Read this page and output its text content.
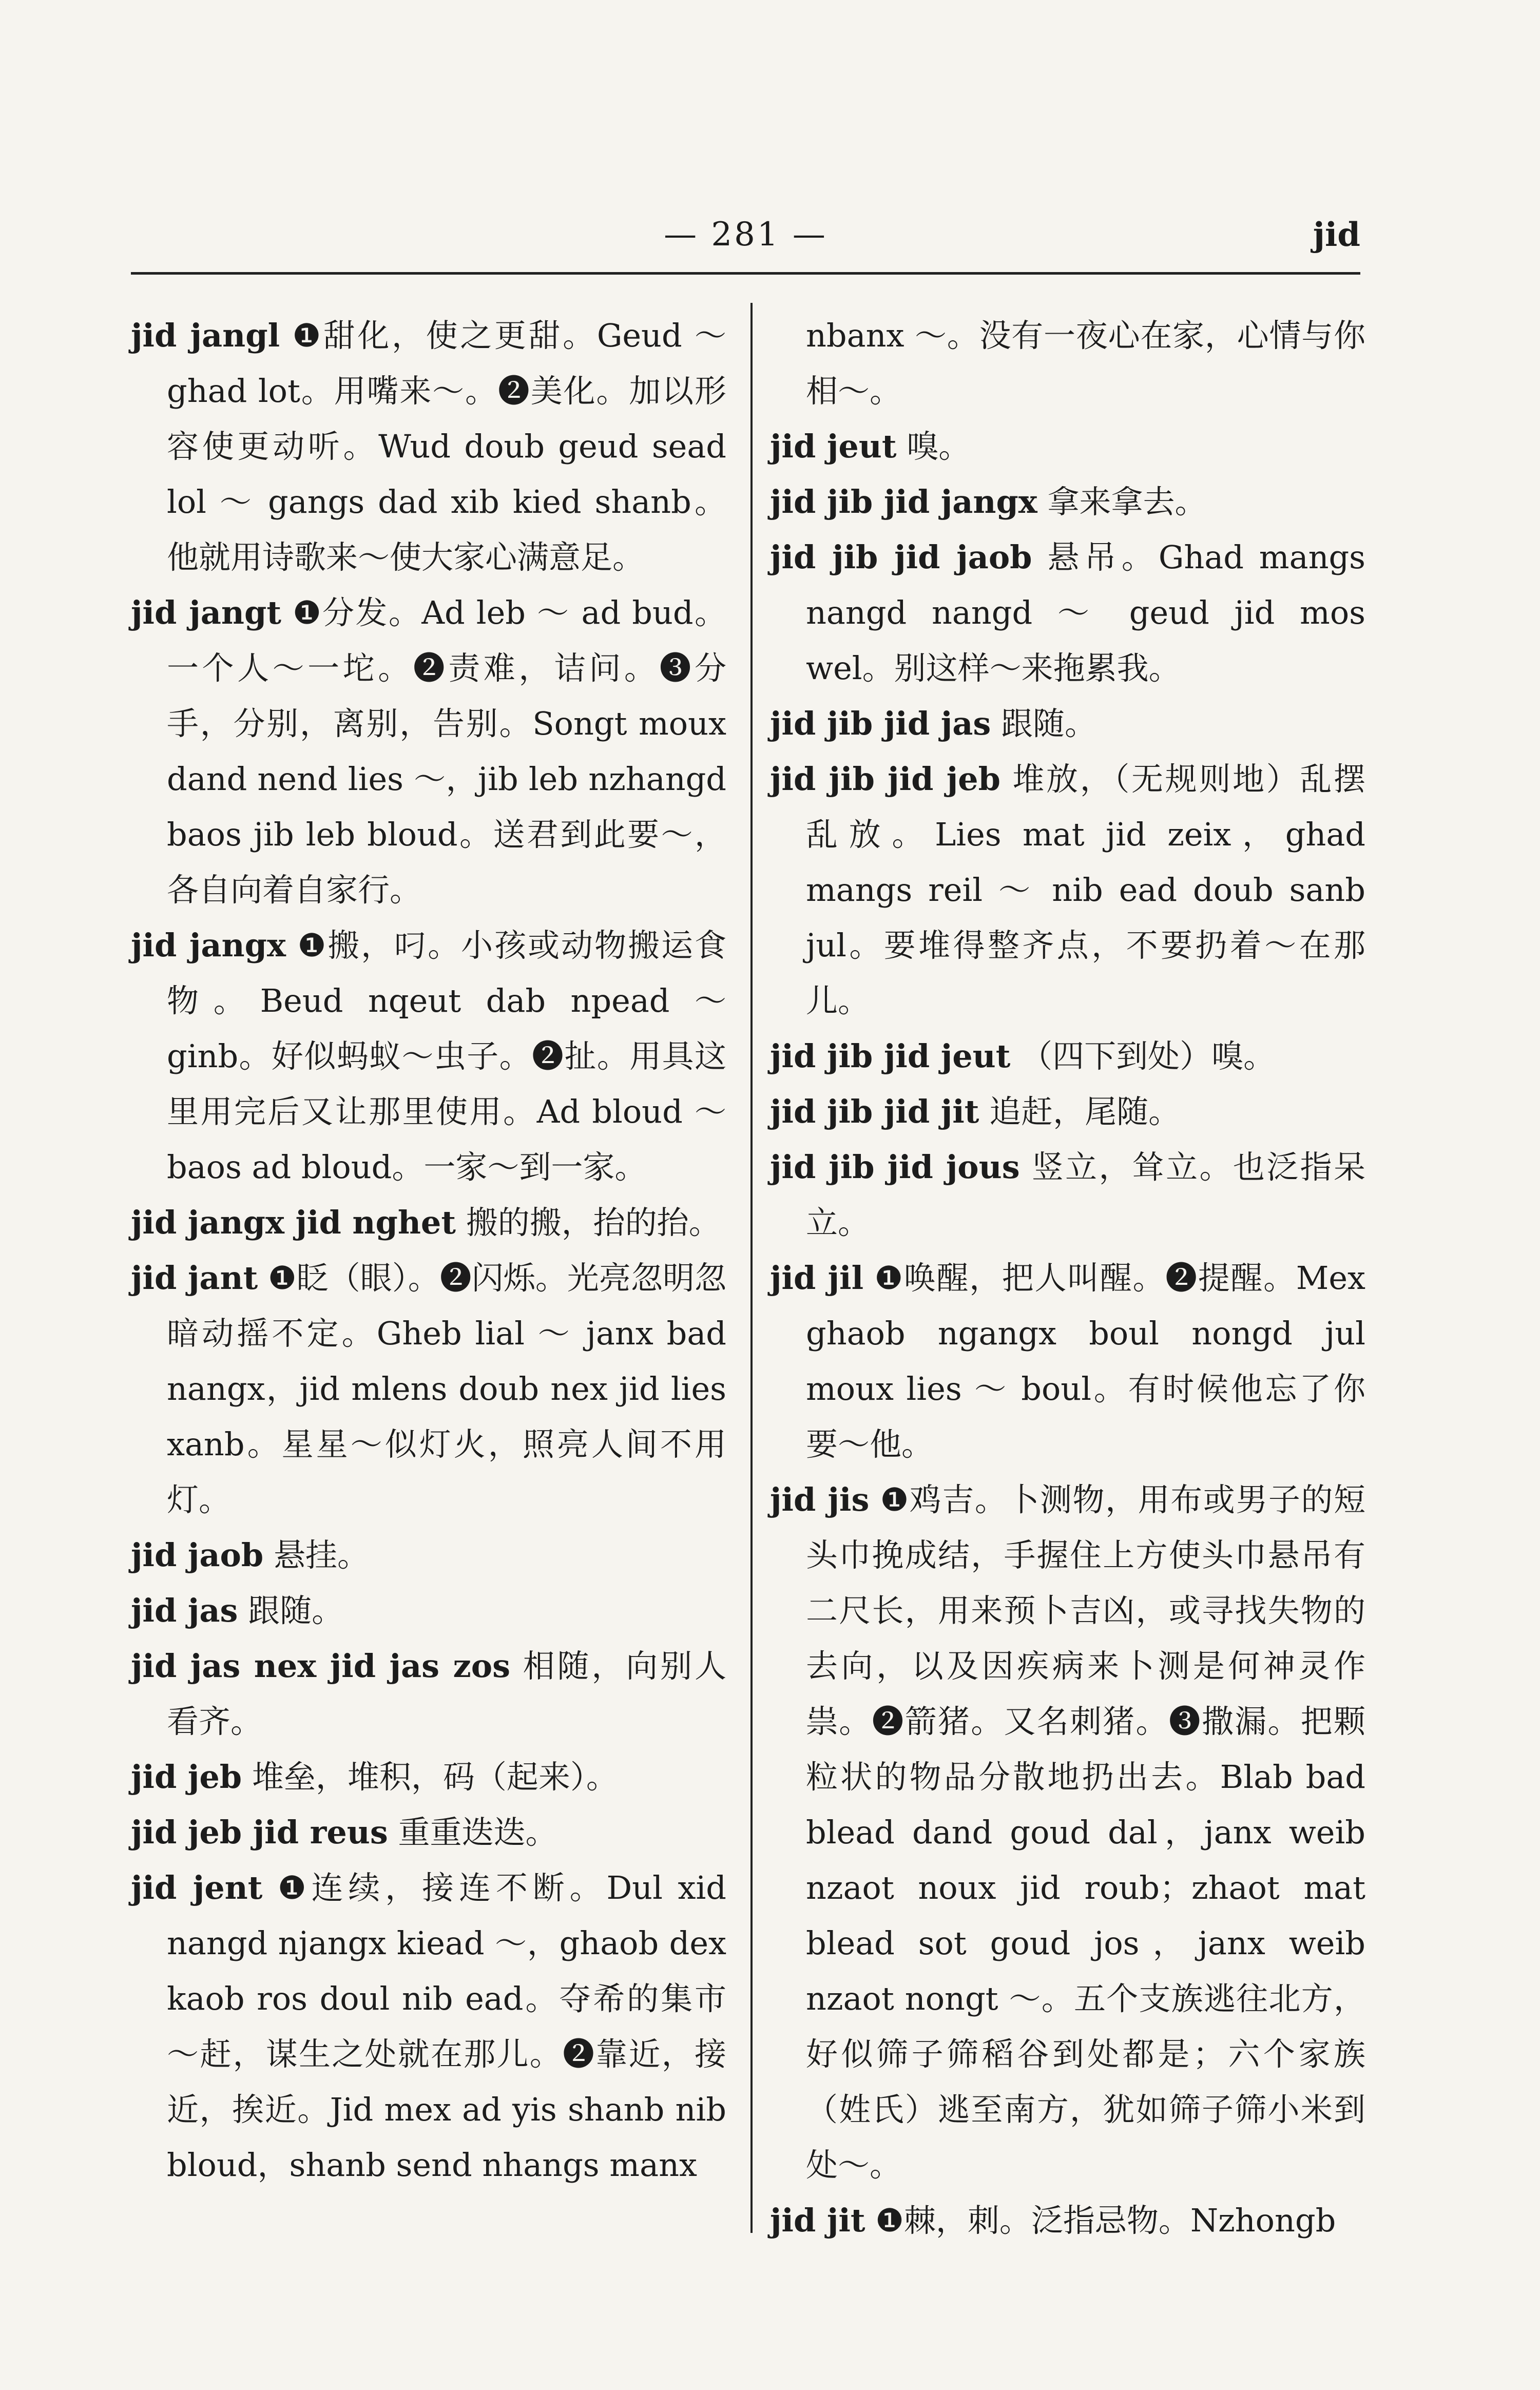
— 281 —	jid

jid jangl ❶甜化，使之更甜。Geud ～ ghad lot。用嘴来～。❷美化。加以形容使更动听。Wud doub geud sead lol ～ gangs dad xib kied shanb。他就用诗歌来～使大家心满意足。

jid jangt ❶分发。Ad leb ～ ad bud。一个人～一坨。❷责难，诘问。❸分手，分别，离别，告别。Songt moux dand nend lies ～，jib leb nzhangd baos jib leb bloud。送君到此要～，各自向着自家行。

jid jangx ❶搬，叼。小孩或动物搬运食物。Beud nqeut dab npead ～ ginb。好似蚂蚁～虫子。❷扯。用具这里用完后又让那里使用。Ad bloud ～ baos ad bloud。一家～到一家。

jid jangx jid nghet 搬的搬，抬的抬。

jid jant ❶眨（眼）。❷闪烁。光亮忽明忽暗动摇不定。Gheb lial ～ janx bad nangx，jid mlens doub nex jid lies xanb。星星～似灯火，照亮人间不用灯。

jid jaob 悬挂。

jid jas 跟随。

jid jas nex jid jas zos 相随，向别人看齐。

jid jeb 堆垒，堆积，码（起来）。

jid jeb jid reus 重重迭迭。

jid jent ❶连续，接连不断。Dul xid nangd njangx kiead ～，ghaob dex kaob ros doul nib ead。夺希的集市～赶，谋生之处就在那儿。❷靠近，接近，挨近。Jid mex ad yis shanb nib bloud，shanb send nhangs manx

nbanx ～。没有一夜心在家，心情与你相～。

jid jeut 嗅。

jid jib jid jangx 拿来拿去。

jid jib jid jaob 悬吊。Ghad mangs nangd nangd ～ geud jid mos wel。别这样～来拖累我。

jid jib jid jas 跟随。

jid jib jid jeb 堆放，（无规则地）乱摆乱放。Lies mat jid zeix，ghad mangs reil ～ nib ead doub sanb jul。要堆得整齐点，不要扔着～在那儿。

jid jib jid jeut （四下到处）嗅。

jid jib jid jit 追赶，尾随。

jid jib jid jous 竖立，耸立。也泛指呆立。

jid jil ❶唤醒，把人叫醒。❷提醒。Mex ghaob ngangx boul nongd jul moux lies ～ boul。有时候他忘了你要～他。

jid jis ❶鸡吉。卜测物，用布或男子的短头巾挽成结，手握住上方使头巾悬吊有二尺长，用来预卜吉凶，或寻找失物的去向，以及因疾病来卜测是何神灵作祟。❷箭猪。又名刺猪。❸撒漏。把颗粒状的物品分散地扔出去。Blab bad blead dand goud dal，janx weib nzaot noux jid roub；zhaot mat blead sot goud jos，janx weib nzaot nongt ～。五个支族逃往北方，好似筛子筛稻谷到处都是；六个家族（姓氏）逃至南方，犹如筛子筛小米到处～。

jid jit ❶棘，刺。泛指忌物。Nzhongb
